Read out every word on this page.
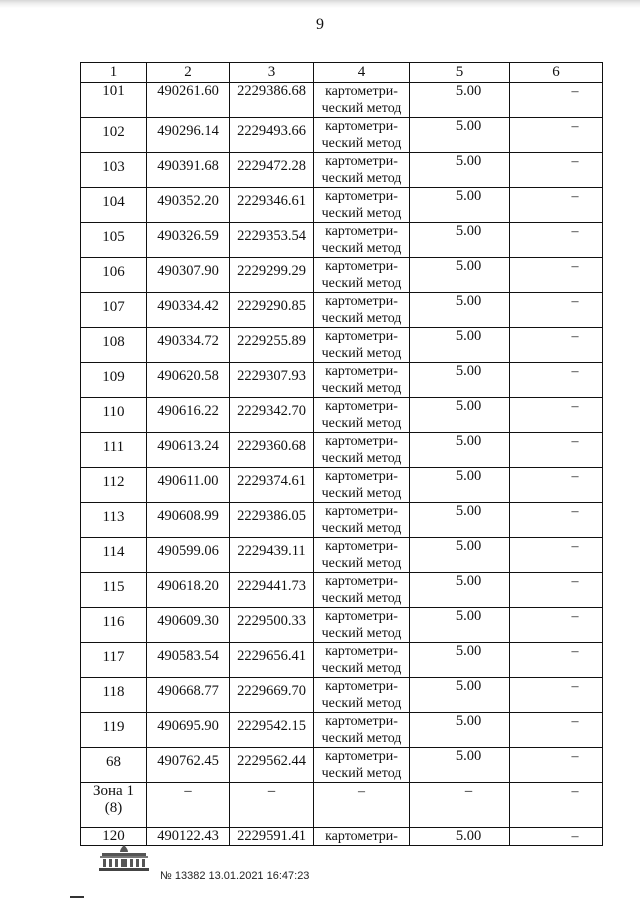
9
1	2	3	4	5	6

101	490261.60	2229386.68	картометри-
ческий метод	5.00	–

102	490296.14	2229493.66	картометри-
ческий метод	5.00	–

103	490391.68	2229472.28	картометри-
ческий метод	5.00	–

104	490352.20	2229346.61	картометри-
ческий метод	5.00	–

105	490326.59	2229353.54	картометри-
ческий метод	5.00	–

106	490307.90	2229299.29	картометри-
ческий метод	5.00	–

107	490334.42	2229290.85	картометри-
ческий метод	5.00	–

108	490334.72	2229255.89	картометри-
ческий метод	5.00	–

109	490620.58	2229307.93	картометри-
ческий метод	5.00	–

110	490616.22	2229342.70	картометри-
ческий метод	5.00	–

111	490613.24	2229360.68	картометри-
ческий метод	5.00	–

112	490611.00	2229374.61	картометри-
ческий метод	5.00	–

113	490608.99	2229386.05	картометри-
ческий метод	5.00	–

114	490599.06	2229439.11	картометри-
ческий метод	5.00	–

115	490618.20	2229441.73	картометри-
ческий метод	5.00	–

116	490609.30	2229500.33	картометри-
ческий метод	5.00	–

117	490583.54	2229656.41	картометри-
ческий метод	5.00	–

118	490668.77	2229669.70	картометри-
ческий метод	5.00	–

119	490695.90	2229542.15	картометри-
ческий метод	5.00	–

68	490762.45	2229562.44	картометри-
ческий метод	5.00	–

Зона 1
(8)	–	–	–	–	–

120	490122.43	2229591.41	картометри-	5.00	–
№ 13382 13.01.2021 16:47:23
